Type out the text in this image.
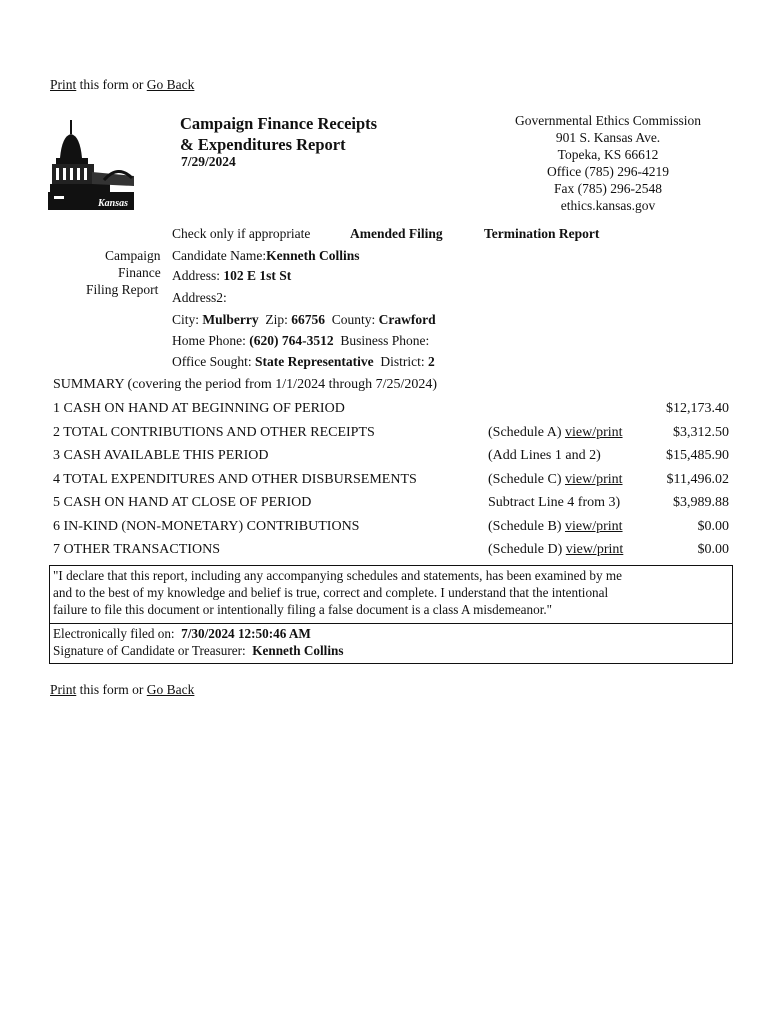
Print this form or Go Back
Kansas
Campaign Finance Receipts
& Expenditures Report
7/29/2024
Governmental Ethics Commission
901 S. Kansas Ave.
Topeka, KS 66612
Office (785) 296-4219
Fax (785) 296-2548
ethics.kansas.gov
Check only if appropriate	Amended Filing	Termination Report
Campaign
Finance
Filing Report
Candidate Name:Kenneth Collins
Address: 102 E 1st St
Address2:
City: Mulberry Zip: 66756 County: Crawford
Home Phone: (620) 764-3512 Business Phone:
Office Sought: State Representative District: 2
SUMMARY (covering the period from 1/1/2024 through 7/25/2024)
1 CASH ON HAND AT BEGINNING OF PERIOD	$12,173.40
2 TOTAL CONTRIBUTIONS AND OTHER RECEIPTS	(Schedule A) view/print	$3,312.50
3 CASH AVAILABLE THIS PERIOD	(Add Lines 1 and 2)	$15,485.90
4 TOTAL EXPENDITURES AND OTHER DISBURSEMENTS	(Schedule C) view/print	$11,496.02
5 CASH ON HAND AT CLOSE OF PERIOD	Subtract Line 4 from 3)	$3,989.88
6 IN-KIND (NON-MONETARY) CONTRIBUTIONS	(Schedule B) view/print	$0.00
7 OTHER TRANSACTIONS	(Schedule D) view/print	$0.00
"I declare that this report, including any accompanying schedules and statements, has been examined by me
and to the best of my knowledge and belief is true, correct and complete. I understand that the intentional
failure to file this document or intentionally filing a false document is a class A misdemeanor."
Electronically filed on: 7/30/2024 12:50:46 AM
Signature of Candidate or Treasurer: Kenneth Collins
Print this form or Go Back
